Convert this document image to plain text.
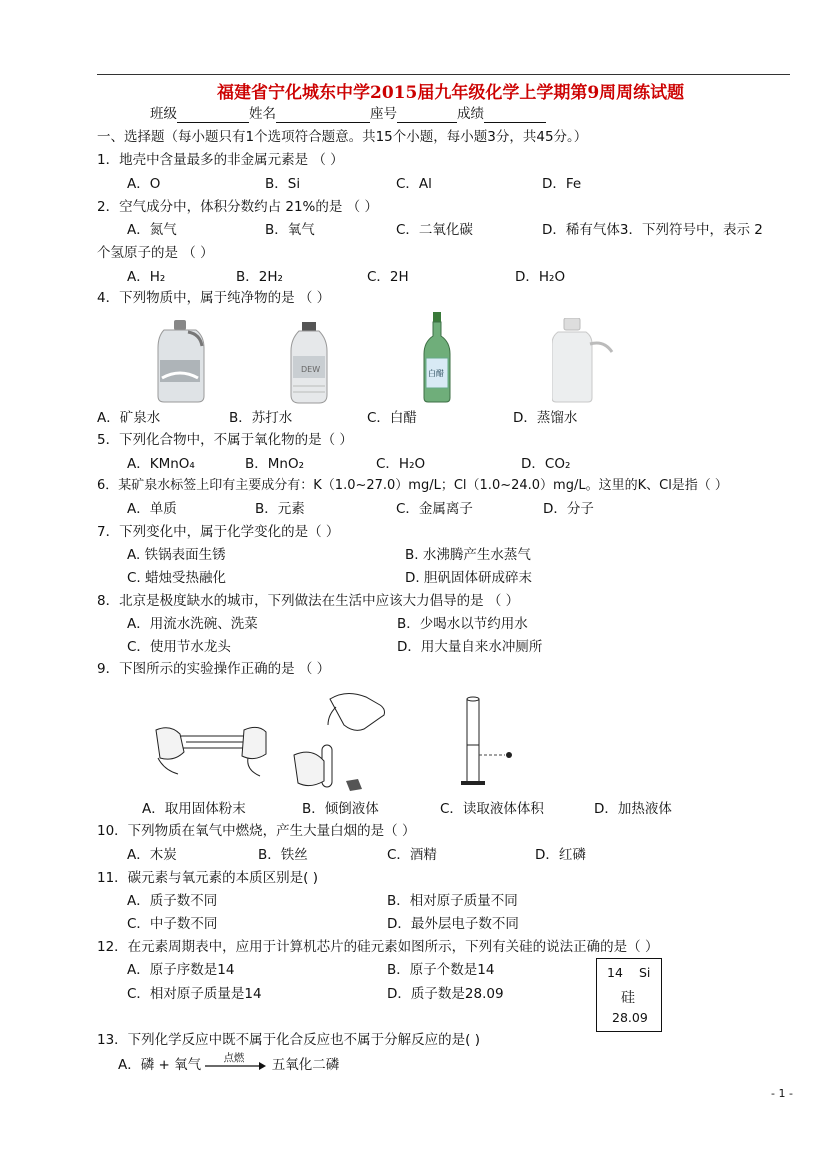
福建省宁化城东中学2015届九年级化学上学期第9周周练试题
班级	姓名	座号	成绩
一、选择题（每小题只有1个选项符合题意。共15个小题，每小题3分，共45分。）
1．地壳中含量最多的非金属元素是 （ ）
A．O	B．Si	C．Al	D．Fe
2．空气成分中，体积分数约占 21%的是 （ ）
A．氮气	B．氧气	C．二氧化碳	D．稀有气体3．下列符号中，表示 2
个氢原子的是 （ ）
A．H₂	B．2H₂	C．2H	D．H₂O
4．下列物质中，属于纯净物的是 （ ）
DEW	白醋
A．矿泉水	B．苏打水	C．白醋	D．蒸馏水
5．下列化合物中，不属于氧化物的是（ ）
A．KMnO₄	B．MnO₂	C．H₂O	D．CO₂
6．某矿泉水标签上印有主要成分有：K（1.0~27.0）mg/L；Cl（1.0~24.0）mg/L。这里的K、Cl是指（ ）
A．单质	B．元素	C．金属离子	D．分子
7．下列变化中，属于化学变化的是（ ）
A. 铁锅表面生锈	B. 水沸腾产生水蒸气
C. 蜡烛受热融化	D. 胆矾固体研成碎末
8．北京是极度缺水的城市，下列做法在生活中应该大力倡导的是 （ ）
A．用流水洗碗、洗菜	B．少喝水以节约用水
C．使用节水龙头	D．用大量自来水冲厕所
9．下图所示的实验操作正确的是 （ ）
A．取用固体粉末	B．倾倒液体	C．读取液体体积	D．加热液体
10．下列物质在氧气中燃烧，产生大量白烟的是（ ）
A．木炭	B．铁丝	C．酒精	D．红磷
11．碳元素与氧元素的本质区别是( )
A．质子数不同	B．相对原子质量不同
C．中子数不同	D．最外层电子数不同
12．在元素周期表中，应用于计算机芯片的硅元素如图所示，下列有关硅的说法正确的是（ ）
A．原子序数是14	B．原子个数是14
C．相对原子质量是14	D．质子数是28.09
14 Si
硅
28.09
13．下列化学反应中既不属于化合反应也不属于分解反应的是( )
A．磷 + 氧气 点燃 五氧化二磷
- 1 -
